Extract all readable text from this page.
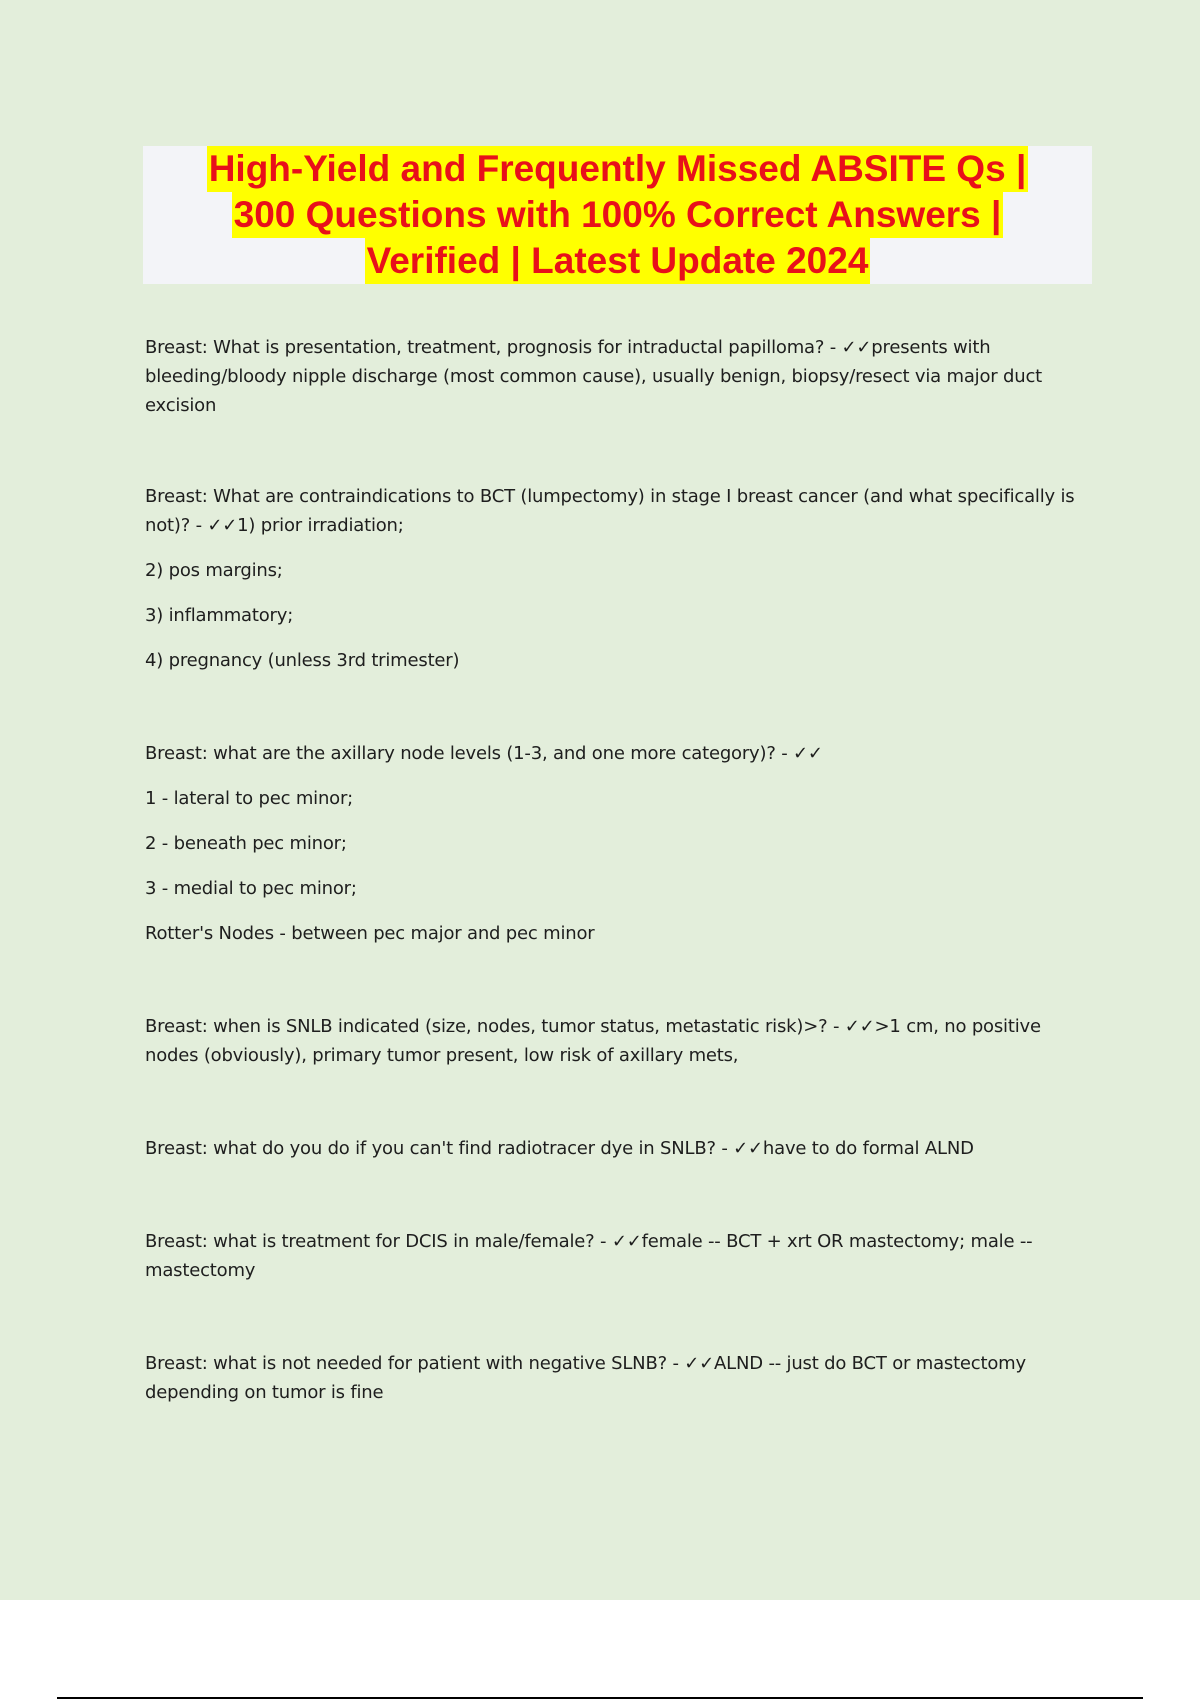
High-Yield and Frequently Missed ABSITE Qs |
300 Questions with 100% Correct Answers |
Verified | Latest Update 2024

Breast: What is presentation, treatment, prognosis for intraductal papilloma? - ✓✓presents with bleeding/bloody nipple discharge (most common cause), usually benign, biopsy/resect via major duct excision

Breast: What are contraindications to BCT (lumpectomy) in stage I breast cancer (and what specifically is not)? - ✓✓1) prior irradiation;

2) pos margins;

3) inflammatory;

4) pregnancy (unless 3rd trimester)

Breast: what are the axillary node levels (1-3, and one more category)? - ✓✓

1 - lateral to pec minor;

2 - beneath pec minor;

3 - medial to pec minor;

Rotter's Nodes - between pec major and pec minor

Breast: when is SNLB indicated (size, nodes, tumor status, metastatic risk)>? - ✓✓>1 cm, no positive nodes (obviously), primary tumor present, low risk of axillary mets,

Breast: what do you do if you can't find radiotracer dye in SNLB? - ✓✓have to do formal ALND

Breast: what is treatment for DCIS in male/female? - ✓✓female -- BCT + xrt OR mastectomy; male -- mastectomy

Breast: what is not needed for patient with negative SLNB? - ✓✓ALND -- just do BCT or mastectomy depending on tumor is fine
